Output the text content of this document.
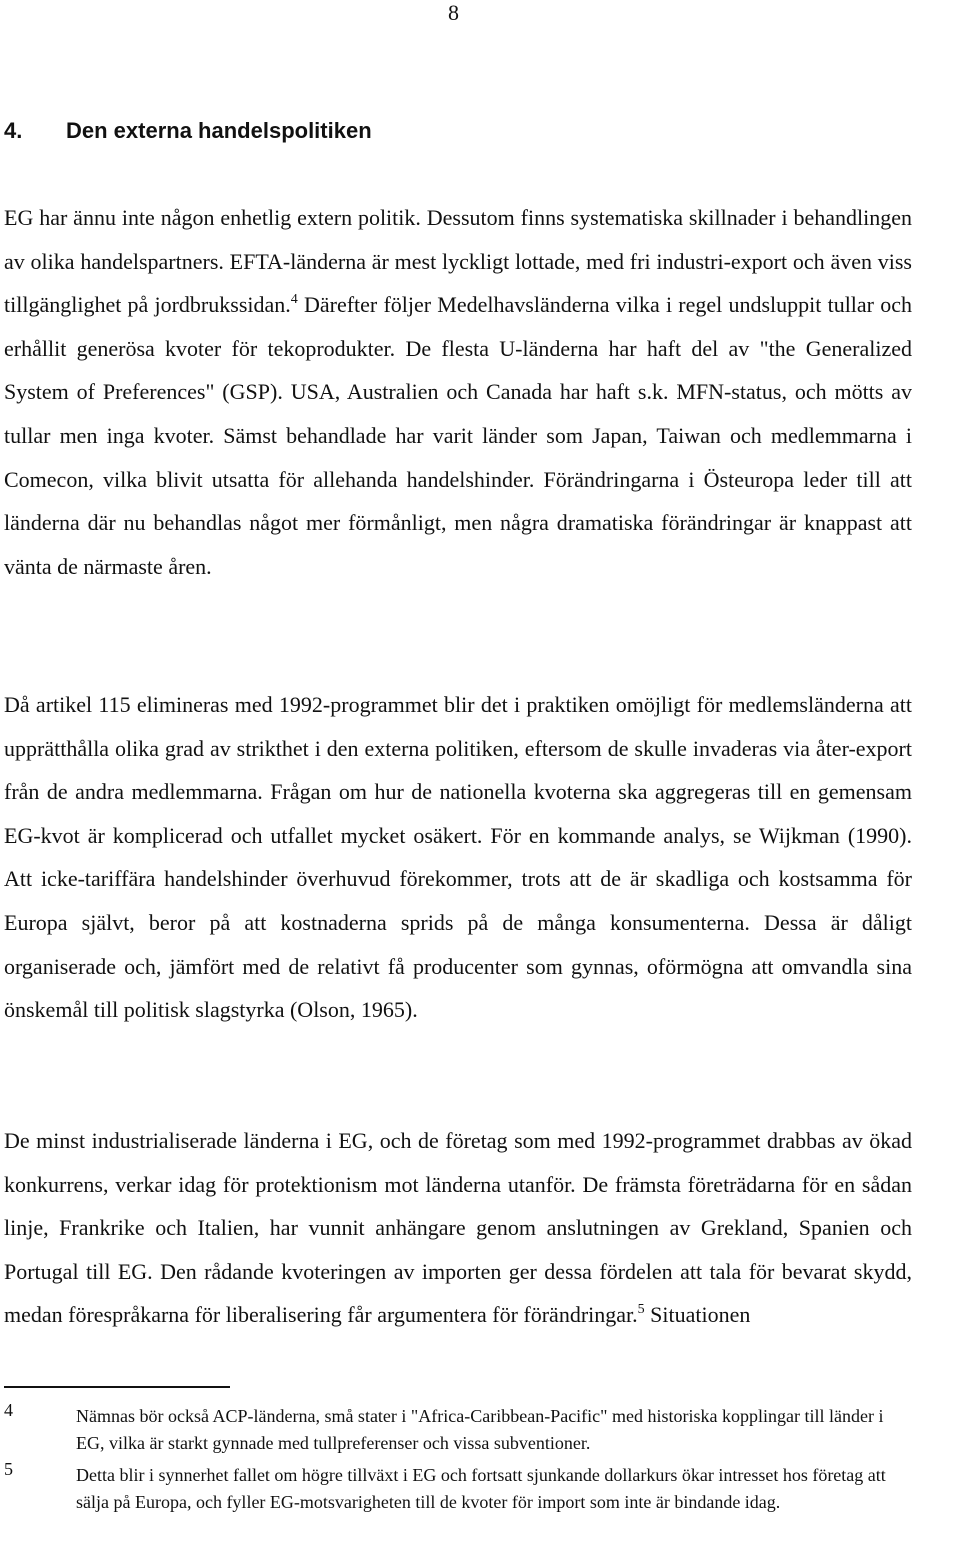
8
4. Den externa handelspolitiken

EG har ännu inte någon enhetlig extern politik. Dessutom finns systematiska skillnader i behandlingen av olika handelspartners. EFTA-länderna är mest lyckligt lottade, med fri industri-export och även viss tillgänglighet på jordbrukssidan.$^4$ Därefter följer Medelhavsländerna vilka i regel undsluppit tullar och erhållit generösa kvoter för tekoprodukter. De flesta U-länderna har haft del av "the Generalized System of Preferences" (GSP). USA, Australien och Canada har haft s.k. MFN-status, och mötts av tullar men inga kvoter. Sämst behandlade har varit länder som Japan, Taiwan och medlemmarna i Comecon, vilka blivit utsatta för allehanda handelshinder. Förändringarna i Östeuropa leder till att länderna där nu behandlas något mer förmånligt, men några dramatiska förändringar är knappast att vänta de närmaste åren.

Då artikel 115 elimineras med 1992-programmet blir det i praktiken omöjligt för medlemsländerna att upprätthålla olika grad av strikthet i den externa politiken, eftersom de skulle invaderas via åter-export från de andra medlemmarna. Frågan om hur de nationella kvoterna ska aggregeras till en gemensam EG-kvot är komplicerad och utfallet mycket osäkert. För en kommande analys, se Wijkman (1990). Att icke-tariffära handelshinder överhuvud förekommer, trots att de är skadliga och kostsamma för Europa självt, beror på att kostnaderna sprids på de många konsumenterna. Dessa är dåligt organiserade och, jämfört med de relativt få producenter som gynnas, oförmögna att omvandla sina önskemål till politisk slagstyrka (Olson, 1965).

De minst industrialiserade länderna i EG, och de företag som med 1992-programmet drabbas av ökad konkurrens, verkar idag för protektionism mot länderna utanför. De främsta företrädarna för en sådan linje, Frankrike och Italien, har vunnit anhängare genom anslutningen av Grekland, Spanien och Portugal till EG. Den rådande kvoteringen av importen ger dessa fördelen att tala för bevarat skydd, medan förespråkarna för liberalisering får argumentera för förändringar.$^5$ Situationen

4	Nämnas bör också ACP-länderna, små stater i "Africa-Caribbean-Pacific" med historiska kopplingar till länder i EG, vilka är starkt gynnade med tullpreferenser och vissa subventioner.
5	Detta blir i synnerhet fallet om högre tillväxt i EG och fortsatt sjunkande dollarkurs ökar intresset hos företag att sälja på Europa, och fyller EG-motsvarigheten till de kvoter för import som inte är bindande idag.
